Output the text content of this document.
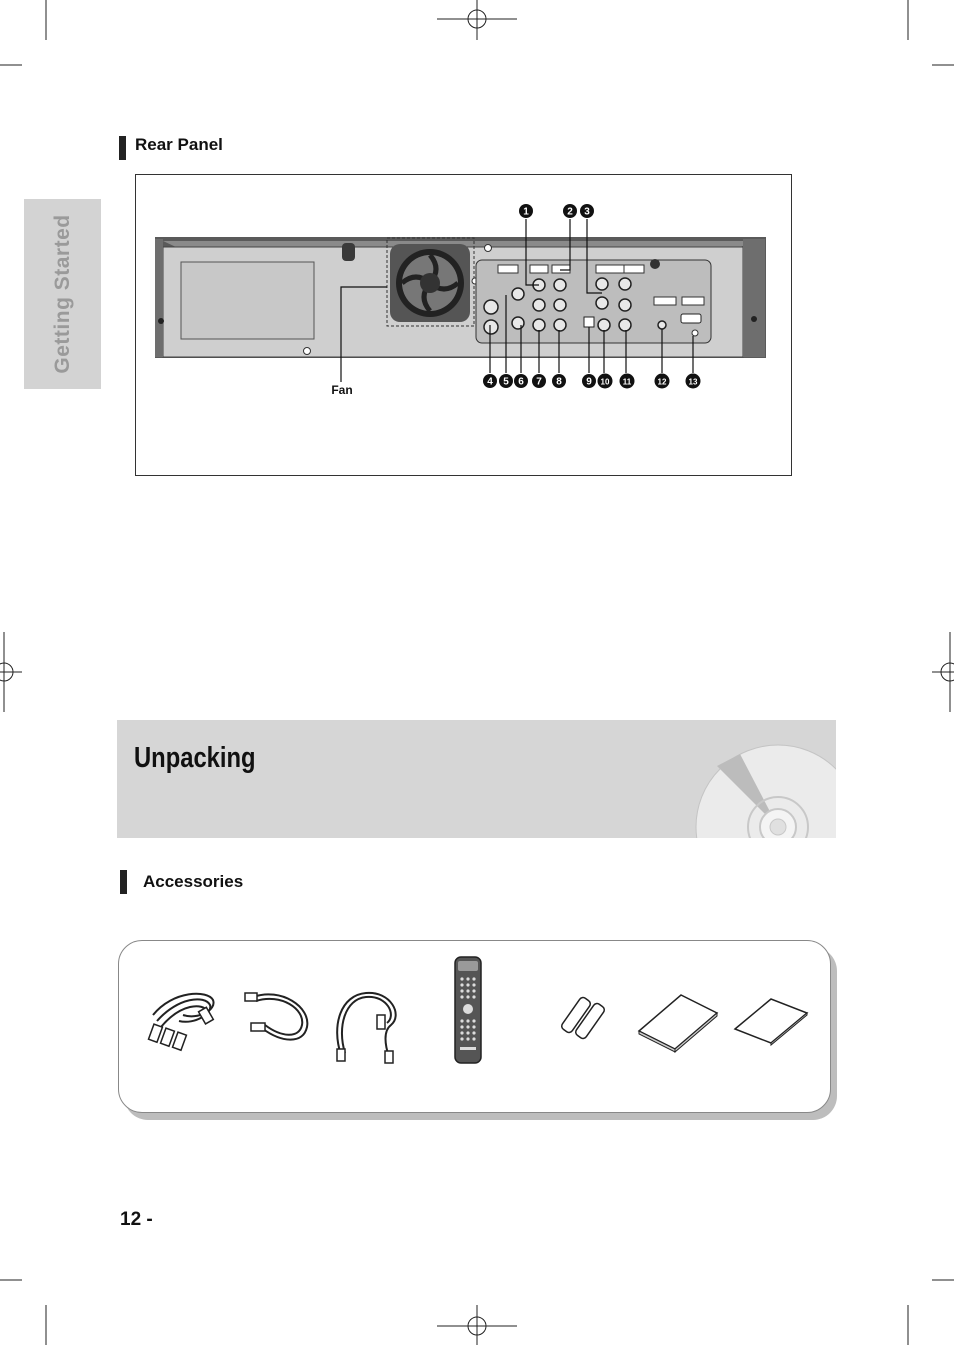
Getting Started
Rear Panel
1	2 3
4 5 6 7 8 9 10 11	12	13
Fan
Unpacking
Accessories
12 -
